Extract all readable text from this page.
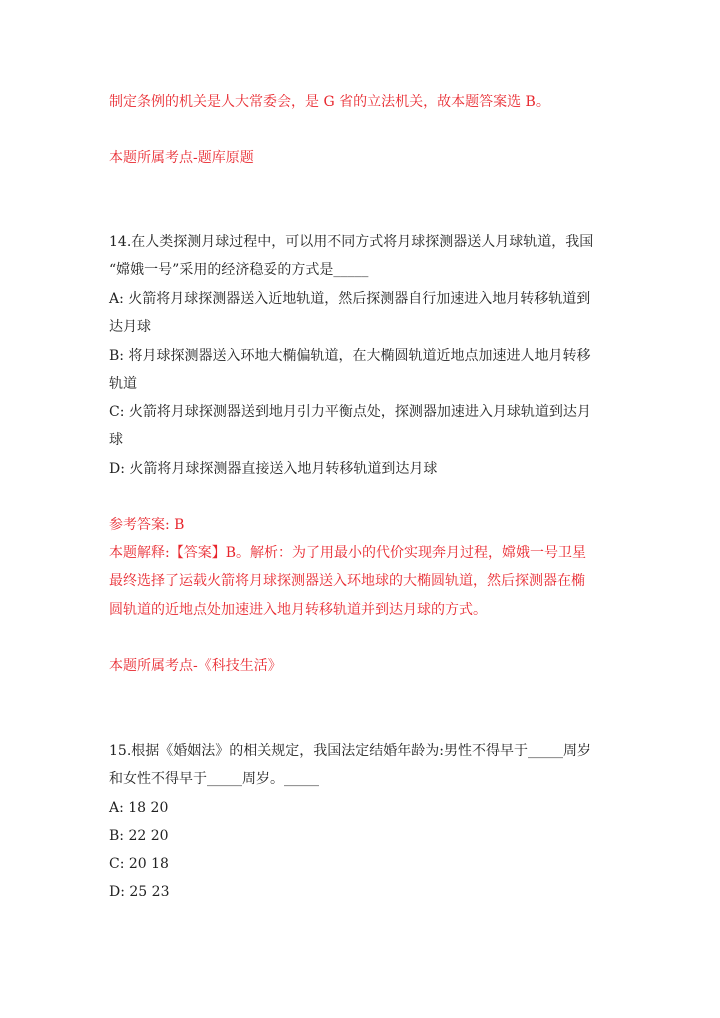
制定条例的机关是人大常委会，是 G 省的立法机关，故本题答案选 B。
本题所属考点-题库原题
14.在人类探测月球过程中，可以用不同方式将月球探测器送人月球轨道，我国
“嫦娥一号”采用的经济稳妥的方式是_____
A: 火箭将月球探测器送入近地轨道，然后探测器自行加速进入地月转移轨道到
达月球
B: 将月球探测器送入环地大椭偏轨道，在大椭圆轨道近地点加速进人地月转移
轨道
C: 火箭将月球探测器送到地月引力平衡点处，探测器加速进入月球轨道到达月
球
D: 火箭将月球探测器直接送入地月转移轨道到达月球
参考答案: B
本题解释:【答案】B。解析：为了用最小的代价实现奔月过程，嫦娥一号卫星
最终选择了运载火箭将月球探测器送入环地球的大椭圆轨道，然后探测器在椭
圆轨道的近地点处加速进入地月转移轨道并到达月球的方式。
本题所属考点-《科技生活》
15.根据《婚姻法》的相关规定，我国法定结婚年龄为:男性不得早于_____周岁
和女性不得早于_____周岁。_____
A: 18 20
B: 22 20
C: 20 18
D: 25 23
